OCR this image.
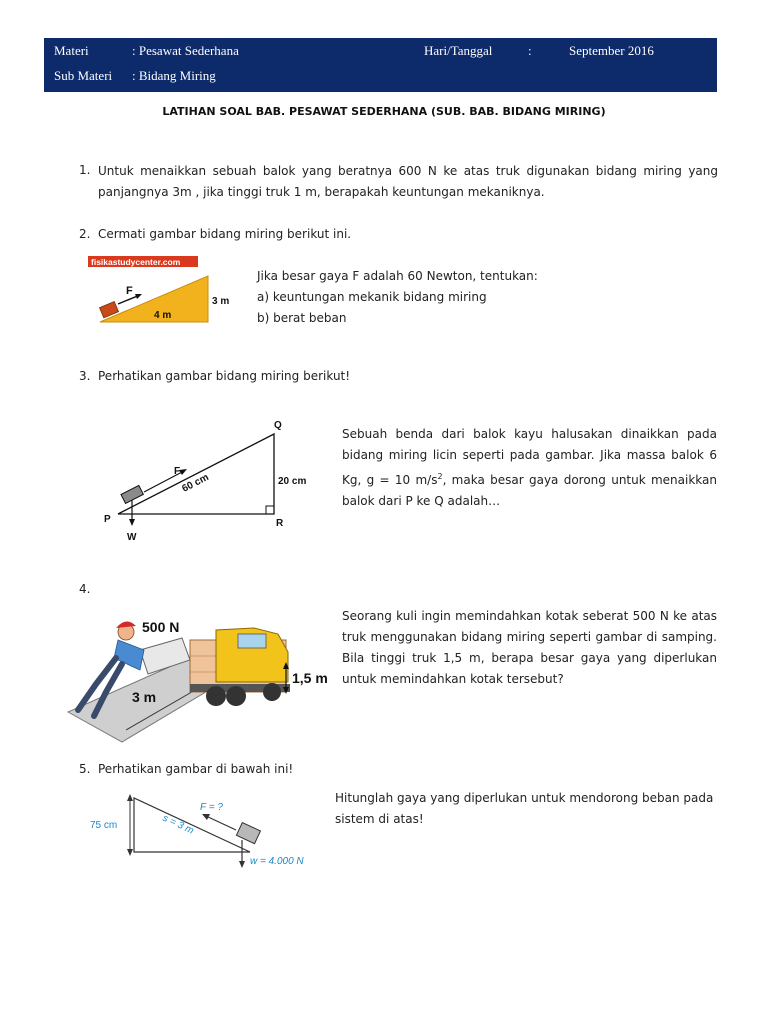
Materi	: Pesawat Sederhana	Hari/Tanggal	:	September 2016
Sub Materi : Bidang Miring
LATIHAN SOAL BAB. PESAWAT SEDERHANA (SUB. BAB. BIDANG MIRING)
1. Untuk menaikkan sebuah balok yang beratnya 600 N ke atas truk digunakan bidang miring yang panjangnya 3m , jika tinggi truk 1 m, berapakah keuntungan mekaniknya.
2. Cermati gambar bidang miring berikut ini.
fisikastudycenter.com
F
3 m
4 m
Jika besar gaya F adalah 60 Newton, tentukan:
a) keuntungan mekanik bidang miring
b) berat beban
3. Perhatikan gambar bidang miring berikut!
F
W
P
Q
R
60 cm	20 cm
Sebuah benda dari balok kayu halusakan dinaikkan pada bidang miring licin seperti pada gambar. Jika massa balok 6 Kg, g = 10 $m/s^2$, maka besar gaya dorong untuk menaikkan balok dari P ke Q adalah…
4.
3 m
500 N
1,5 m
Seorang kuli ingin memindahkan kotak seberat 500 N ke atas truk menggunakan bidang miring seperti gambar di samping. Bila tinggi truk 1,5 m, berapa besar gaya yang diperlukan untuk memindahkan kotak tersebut?
5. Perhatikan gambar di bawah ini!
75 cm
F = ?
s = 3 m
w = 4.000 N
Hitunglah gaya yang diperlukan untuk mendorong beban pada sistem di atas!
